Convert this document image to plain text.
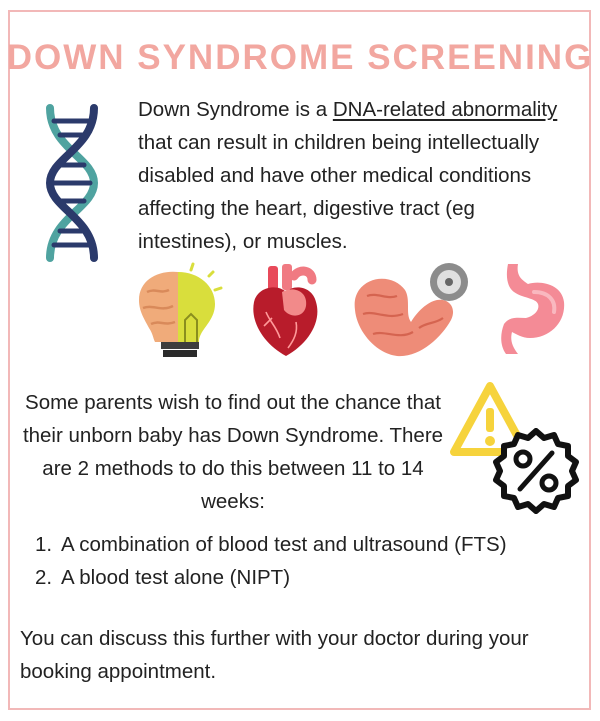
DOWN SYNDROME SCREENING
Down Syndrome is a DNA-related abnormality that can result in children being intellectually disabled and have other medical conditions affecting the heart, digestive tract (eg intestines), or muscles.
Some parents wish to find out the chance that their unborn baby has Down Syndrome. There are 2 methods to do this between 11 to 14 weeks:
1. A combination of blood test and ultrasound (FTS)
2. A blood test alone (NIPT)
You can discuss this further with your doctor during your booking appointment.
